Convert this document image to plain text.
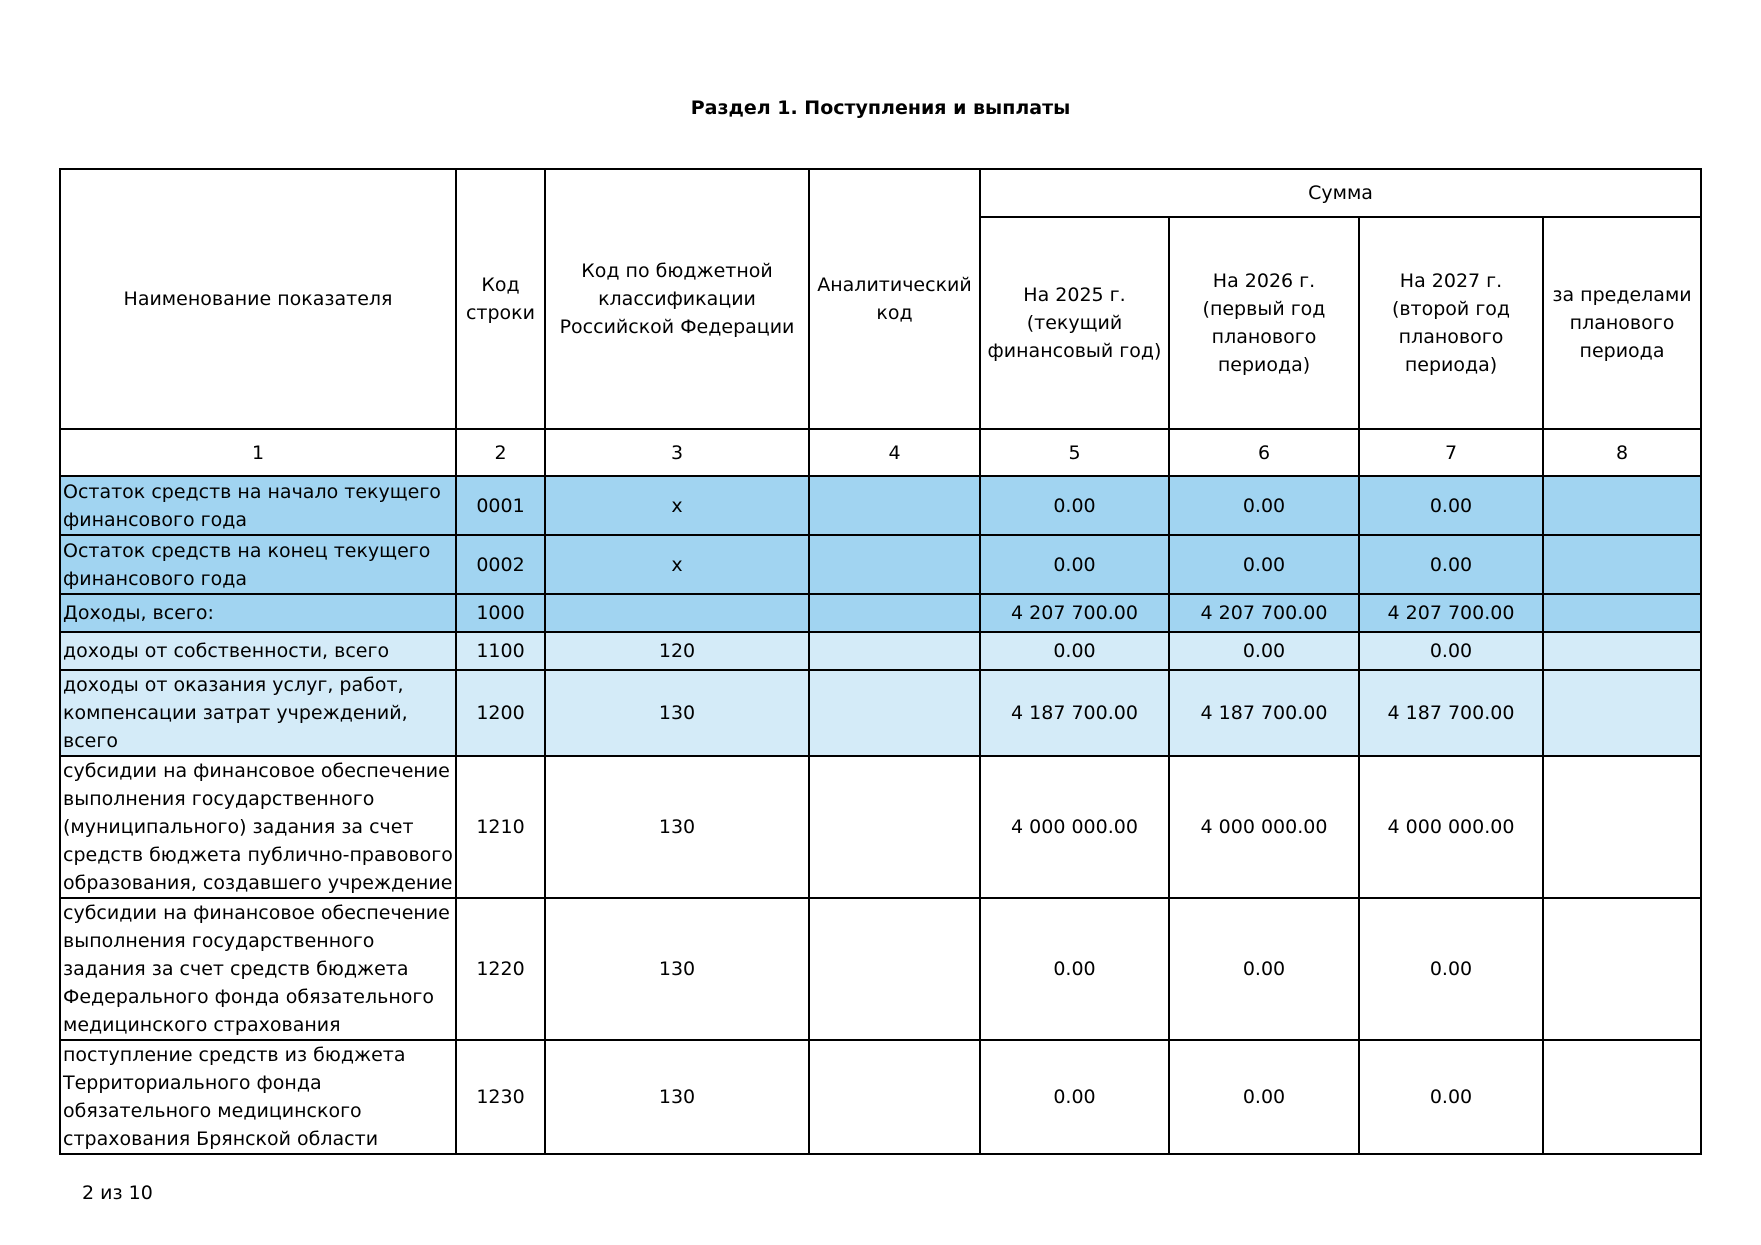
Раздел 1. Поступления и выплаты
Наименование показателя	Код строки	Код по бюджетной классификации Российской Федерации	Аналитический код	Сумма			
				На 2025 г. (текущий финансовый год)	На 2026 г. (первый год планового периода)	На 2027 г. (второй год планового периода)	за пределами планового периода
1	2	3	4	5	6	7	8
Остаток средств на начало текущего финансового года	0001	х		0.00	0.00	0.00	
Остаток средств на конец текущего финансового года	0002	х		0.00	0.00	0.00	
Доходы, всего:	1000			4 207 700.00	4 207 700.00	4 207 700.00	
доходы от собственности, всего	1100	120		0.00	0.00	0.00	
доходы от оказания услуг, работ, компенсации затрат учреждений, всего	1200	130		4 187 700.00	4 187 700.00	4 187 700.00	
субсидии на финансовое обеспечение выполнения государственного (муниципального) задания за счет средств бюджета публично-правового образования, создавшего учреждение	1210	130		4 000 000.00	4 000 000.00	4 000 000.00	
субсидии на финансовое обеспечение выполнения государственного задания за счет средств бюджета Федерального фонда обязательного медицинского страхования	1220	130		0.00	0.00	0.00	
поступление средств из бюджета Территориального фонда обязательного медицинского страхования Брянской области	1230	130		0.00	0.00	0.00	
2 из 10
